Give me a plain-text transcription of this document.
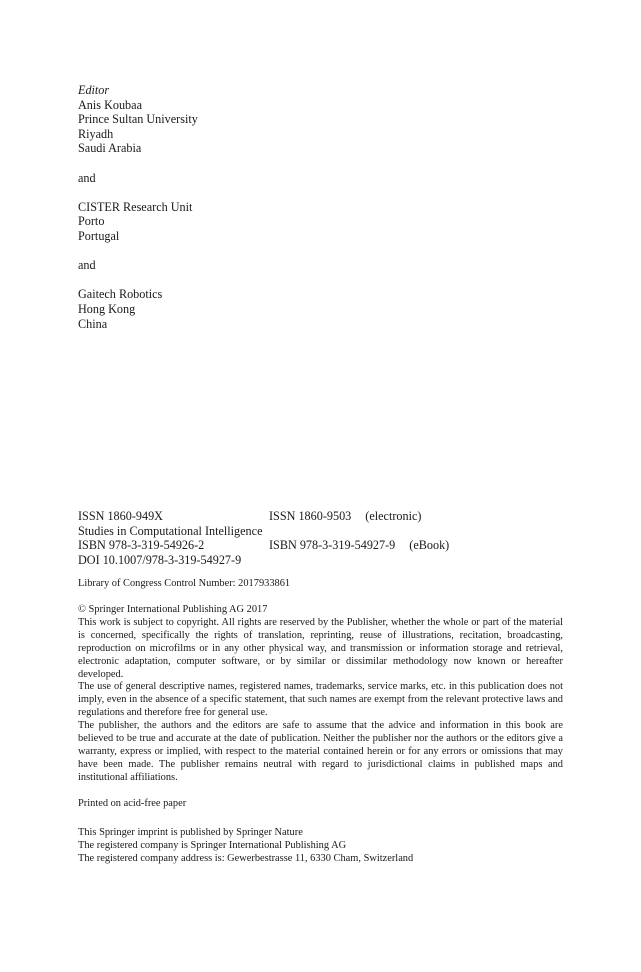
Editor
Anis Koubaa
Prince Sultan University
Riyadh
Saudi Arabia
and
CISTER Research Unit
Porto
Portugal
and
Gaitech Robotics
Hong Kong
China
ISSN 1860-949X	ISSN 1860-9503 (electronic)
Studies in Computational Intelligence
ISBN 978-3-319-54926-2	ISBN 978-3-319-54927-9 (eBook)
DOI 10.1007/978-3-319-54927-9
Library of Congress Control Number: 2017933861

© Springer International Publishing AG 2017

This work is subject to copyright. All rights are reserved by the Publisher, whether the whole or part of the material is concerned, specifically the rights of translation, reprinting, reuse of illustrations, recitation, broadcasting, reproduction on microfilms or in any other physical way, and transmission or information storage and retrieval, electronic adaptation, computer software, or by similar or dissimilar methodology now known or hereafter developed.

The use of general descriptive names, registered names, trademarks, service marks, etc. in this publication does not imply, even in the absence of a specific statement, that such names are exempt from the relevant protective laws and regulations and therefore free for general use.

The publisher, the authors and the editors are safe to assume that the advice and information in this book are believed to be true and accurate at the date of publication. Neither the publisher nor the authors or the editors give a warranty, express or implied, with respect to the material contained herein or for any errors or omissions that may have been made. The publisher remains neutral with regard to jurisdictional claims in published maps and institutional affiliations.

Printed on acid-free paper
This Springer imprint is published by Springer Nature
The registered company is Springer International Publishing AG
The registered company address is: Gewerbestrasse 11, 6330 Cham, Switzerland
